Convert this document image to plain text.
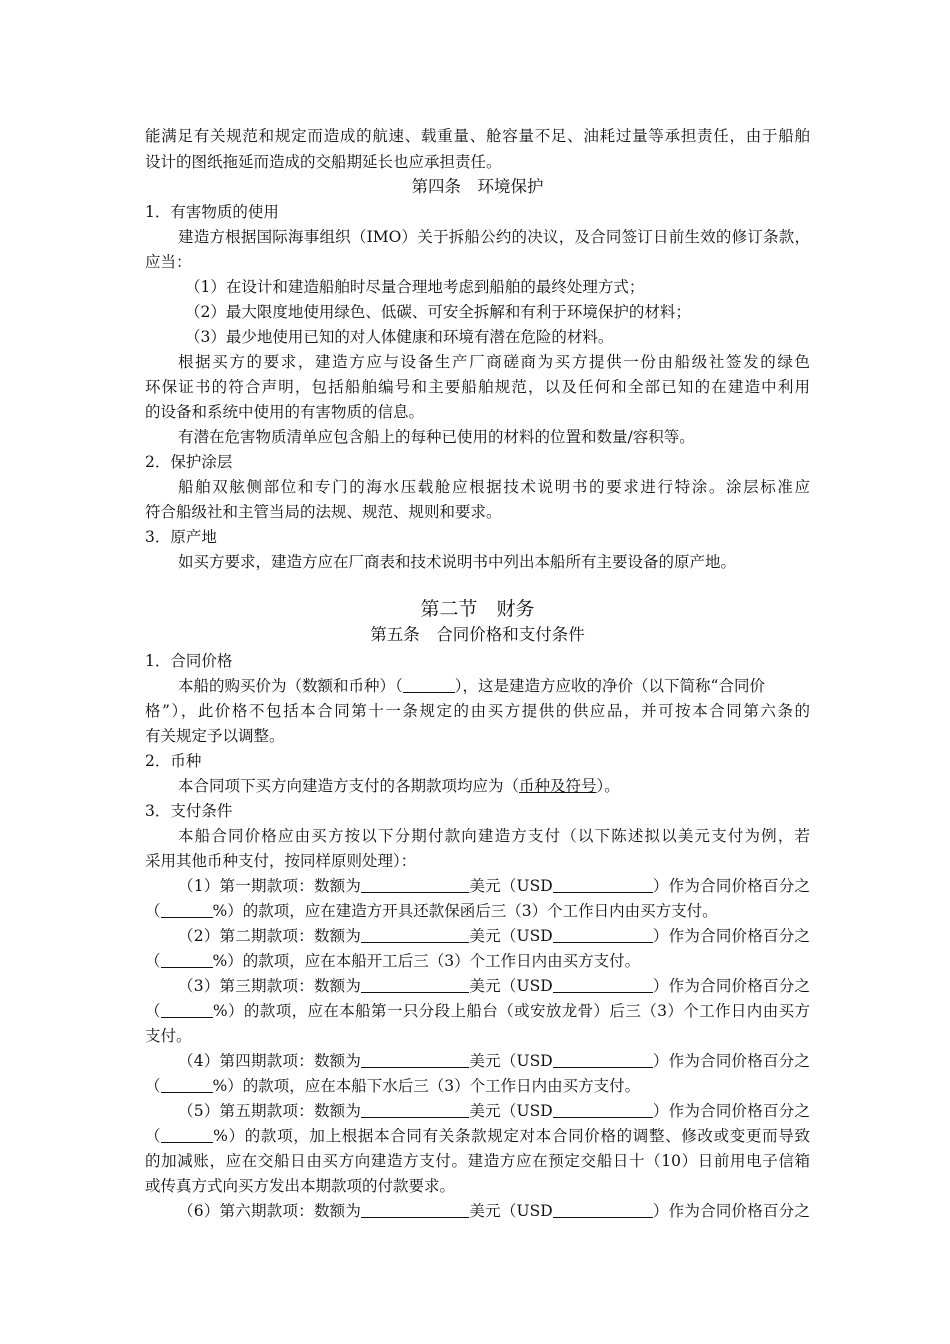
能满足有关规范和规定而造成的航速、载重量、舱容量不足、油耗过量等承担责任，由于船舶
设计的图纸拖延而造成的交船期延长也应承担责任。
第四条　环境保护
1．有害物质的使用
建造方根据国际海事组织（IMO）关于拆船公约的决议，及合同签订日前生效的修订条款，
应当：
（1）在设计和建造船舶时尽量合理地考虑到船舶的最终处理方式；
（2）最大限度地使用绿色、低碳、可安全拆解和有利于环境保护的材料；
（3）最少地使用已知的对人体健康和环境有潜在危险的材料。
根据买方的要求，建造方应与设备生产厂商磋商为买方提供一份由船级社签发的绿色
环保证书的符合声明，包括船舶编号和主要船舶规范，以及任何和全部已知的在建造中利用
的设备和系统中使用的有害物质的信息。
有潜在危害物质清单应包含船上的每种已使用的材料的位置和数量/容积等。
2．保护涂层
船舶双舷侧部位和专门的海水压载舱应根据技术说明书的要求进行特涂。涂层标准应
符合船级社和主管当局的法规、规范、规则和要求。
3．原产地
如买方要求，建造方应在厂商表和技术说明书中列出本船所有主要设备的原产地。
第二节　财务
第五条　合同价格和支付条件
1．合同价格
本船的购买价为（数额和币种）（	），这是建造方应收的净价（以下简称“合同价
格”），此价格不包括本合同第十一条规定的由买方提供的供应品，并可按本合同第六条的
有关规定予以调整。
2．币种
本合同项下买方向建造方支付的各期款项均应为（币种及符号）。
3．支付条件
本船合同价格应由买方按以下分期付款向建造方支付（以下陈述拟以美元支付为例，若
采用其他币种支付，按同样原则处理）：
（1）第一期款项：数额为	美元（USD	）作为合同价格百分之
（	%）的款项，应在建造方开具还款保函后三（3）个工作日内由买方支付。
（2）第二期款项：数额为	美元（USD	）作为合同价格百分之
（	%）的款项，应在本船开工后三（3）个工作日内由买方支付。
（3）第三期款项：数额为	美元（USD	）作为合同价格百分之
（	%）的款项，应在本船第一只分段上船台（或安放龙骨）后三（3）个工作日内由买方
支付。
（4）第四期款项：数额为	美元（USD	）作为合同价格百分之
（	%）的款项，应在本船下水后三（3）个工作日内由买方支付。
（5）第五期款项：数额为	美元（USD	）作为合同价格百分之
（	%）的款项，加上根据本合同有关条款规定对本合同价格的调整、修改或变更而导致
的加减账，应在交船日由买方向建造方支付。建造方应在预定交船日十（10）日前用电子信箱
或传真方式向买方发出本期款项的付款要求。
（6）第六期款项：数额为	美元（USD	）作为合同价格百分之
